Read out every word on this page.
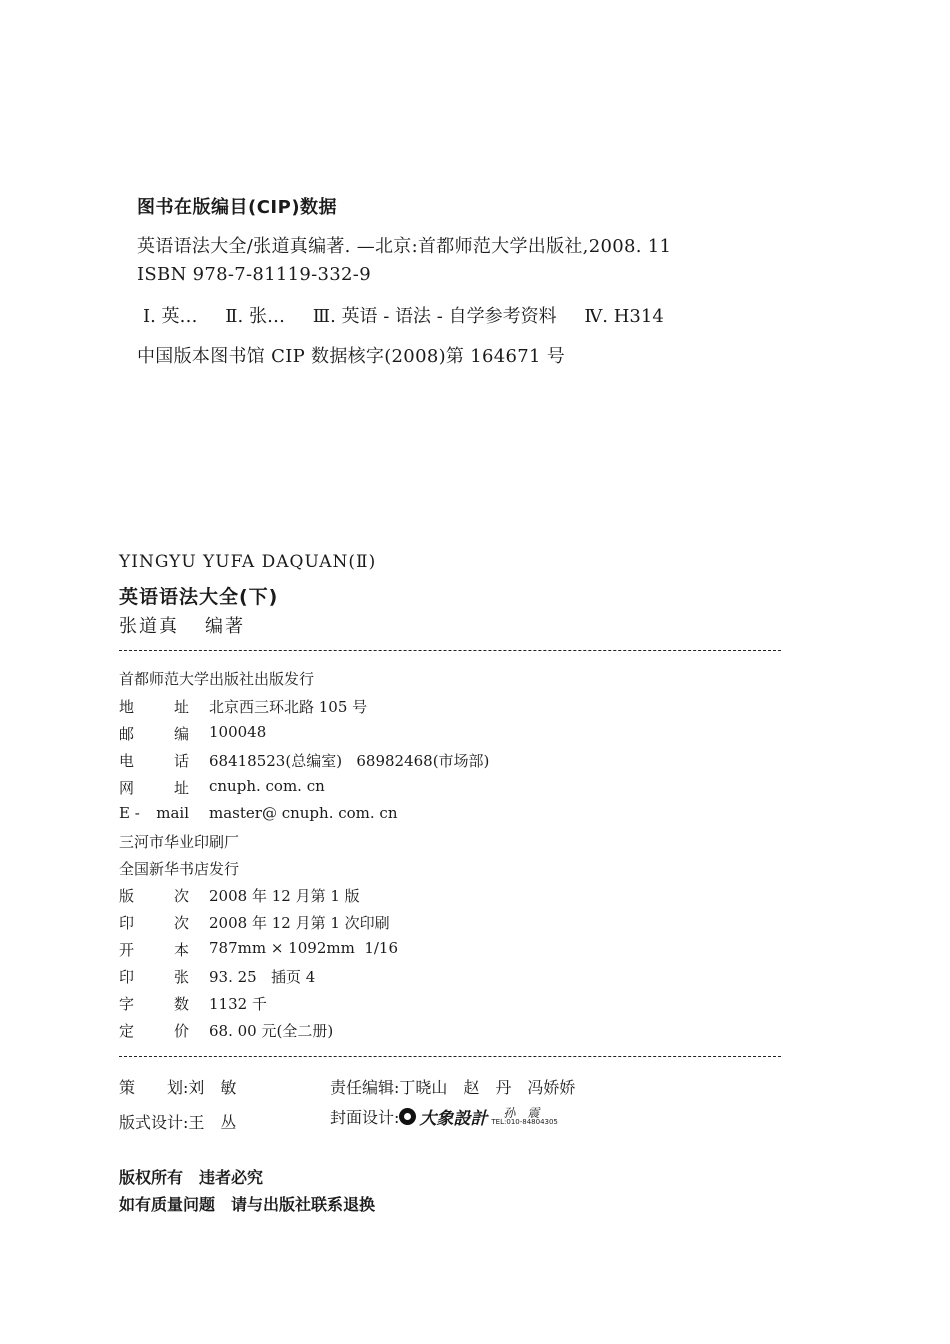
图书在版编目(CIP)数据
英语语法大全/张道真编著. —北京:首都师范大学出版社,2008. 11
ISBN 978-7-81119-332-9
Ⅰ. 英… Ⅱ. 张… Ⅲ. 英语 - 语法 - 自学参考资料 Ⅳ. H314
中国版本图书馆 CIP 数据核字(2008)第 164671 号
YINGYU YUFA DAQUAN(Ⅱ)
英语语法大全(下)
张道真 编著
首都师范大学出版社出版发行
地	址 北京西三环北路 105 号
邮	编 100048
电	话 68418523(总编室)   68982468(市场部)
网	址 cnuph. com. cn
E - mail master@ cnuph. com. cn
三河市华业印刷厂
全国新华书店发行
版	次 2008 年 12 月第 1 版
印	次 2008 年 12 月第 1 次印刷
开	本 787mm × 1092mm  1/16
印	张 93. 25   插页 4
字	数 1132 千
定	价 68. 00 元(全二册)
策　　划:刘　敏	责任编辑:丁晓山　赵　丹　冯娇娇
版式设计:王　丛	封面设计: 大象設計 孙　震
TEL:010-84804305
版权所有　违者必究
如有质量问题　请与出版社联系退换
